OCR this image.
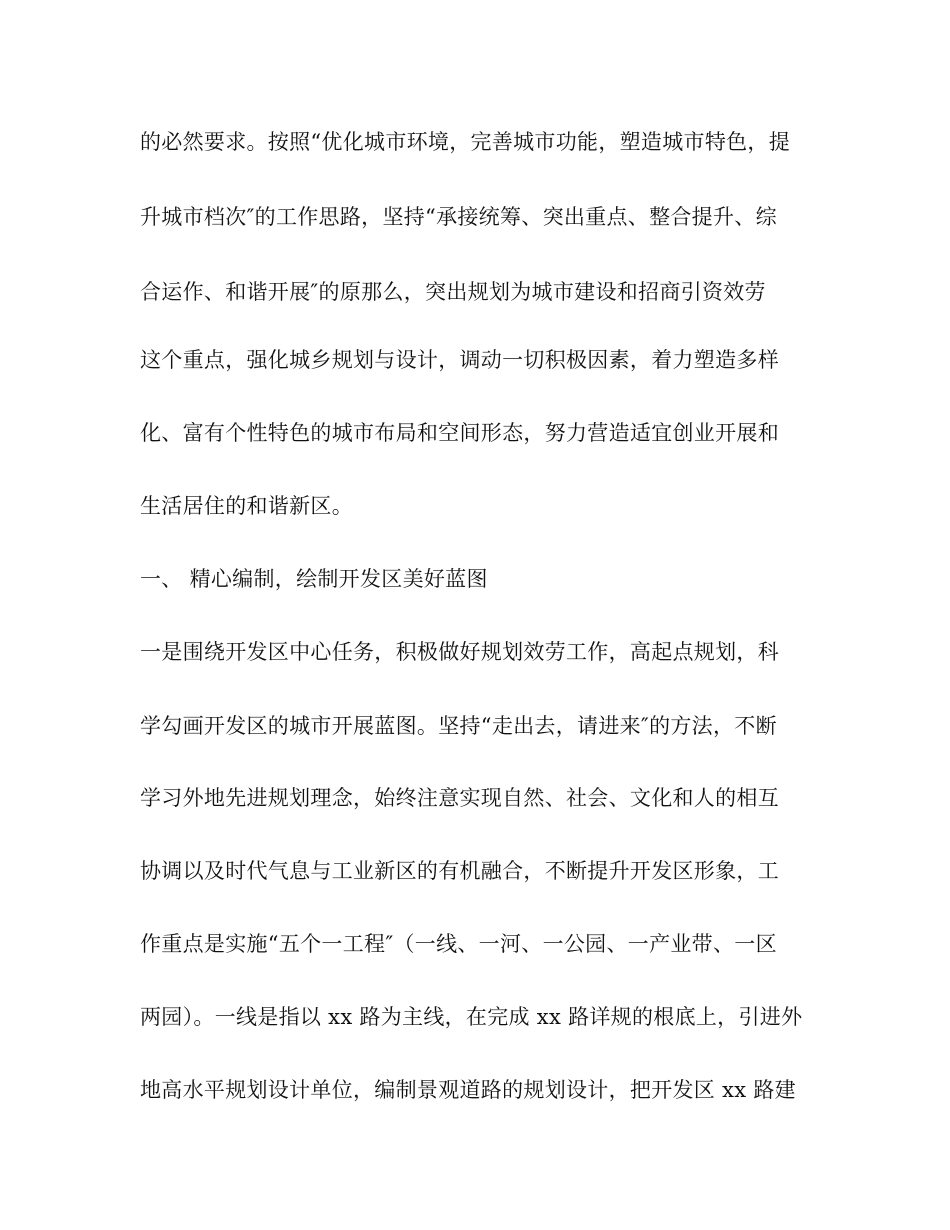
的必然要求。按照“优化城市环境，完善城市功能，塑造城市特色，提
升城市档次″的工作思路，坚持“承接统筹、突出重点、整合提升、综
合运作、和谐开展″的原那么，突出规划为城市建设和招商引资效劳
这个重点，强化城乡规划与设计，调动一切积极因素，着力塑造多样
化、富有个性特色的城市布局和空间形态，努力营造适宜创业开展和
生活居住的和谐新区。
一、 精心编制，绘制开发区美好蓝图
一是围绕开发区中心任务，积极做好规划效劳工作，高起点规划，科
学勾画开发区的城市开展蓝图。坚持“走出去，请进来″的方法，不断
学习外地先进规划理念，始终注意实现自然、社会、文化和人的相互
协调以及时代气息与工业新区的有机融合，不断提升开发区形象，工
作重点是实施“五个一工程″（一线、一河、一公园、一产业带、一区
两园）。一线是指以 xx 路为主线，在完成 xx 路详规的根底上，引进外
地高水平规划设计单位，编制景观道路的规划设计，把开发区 xx 路建
